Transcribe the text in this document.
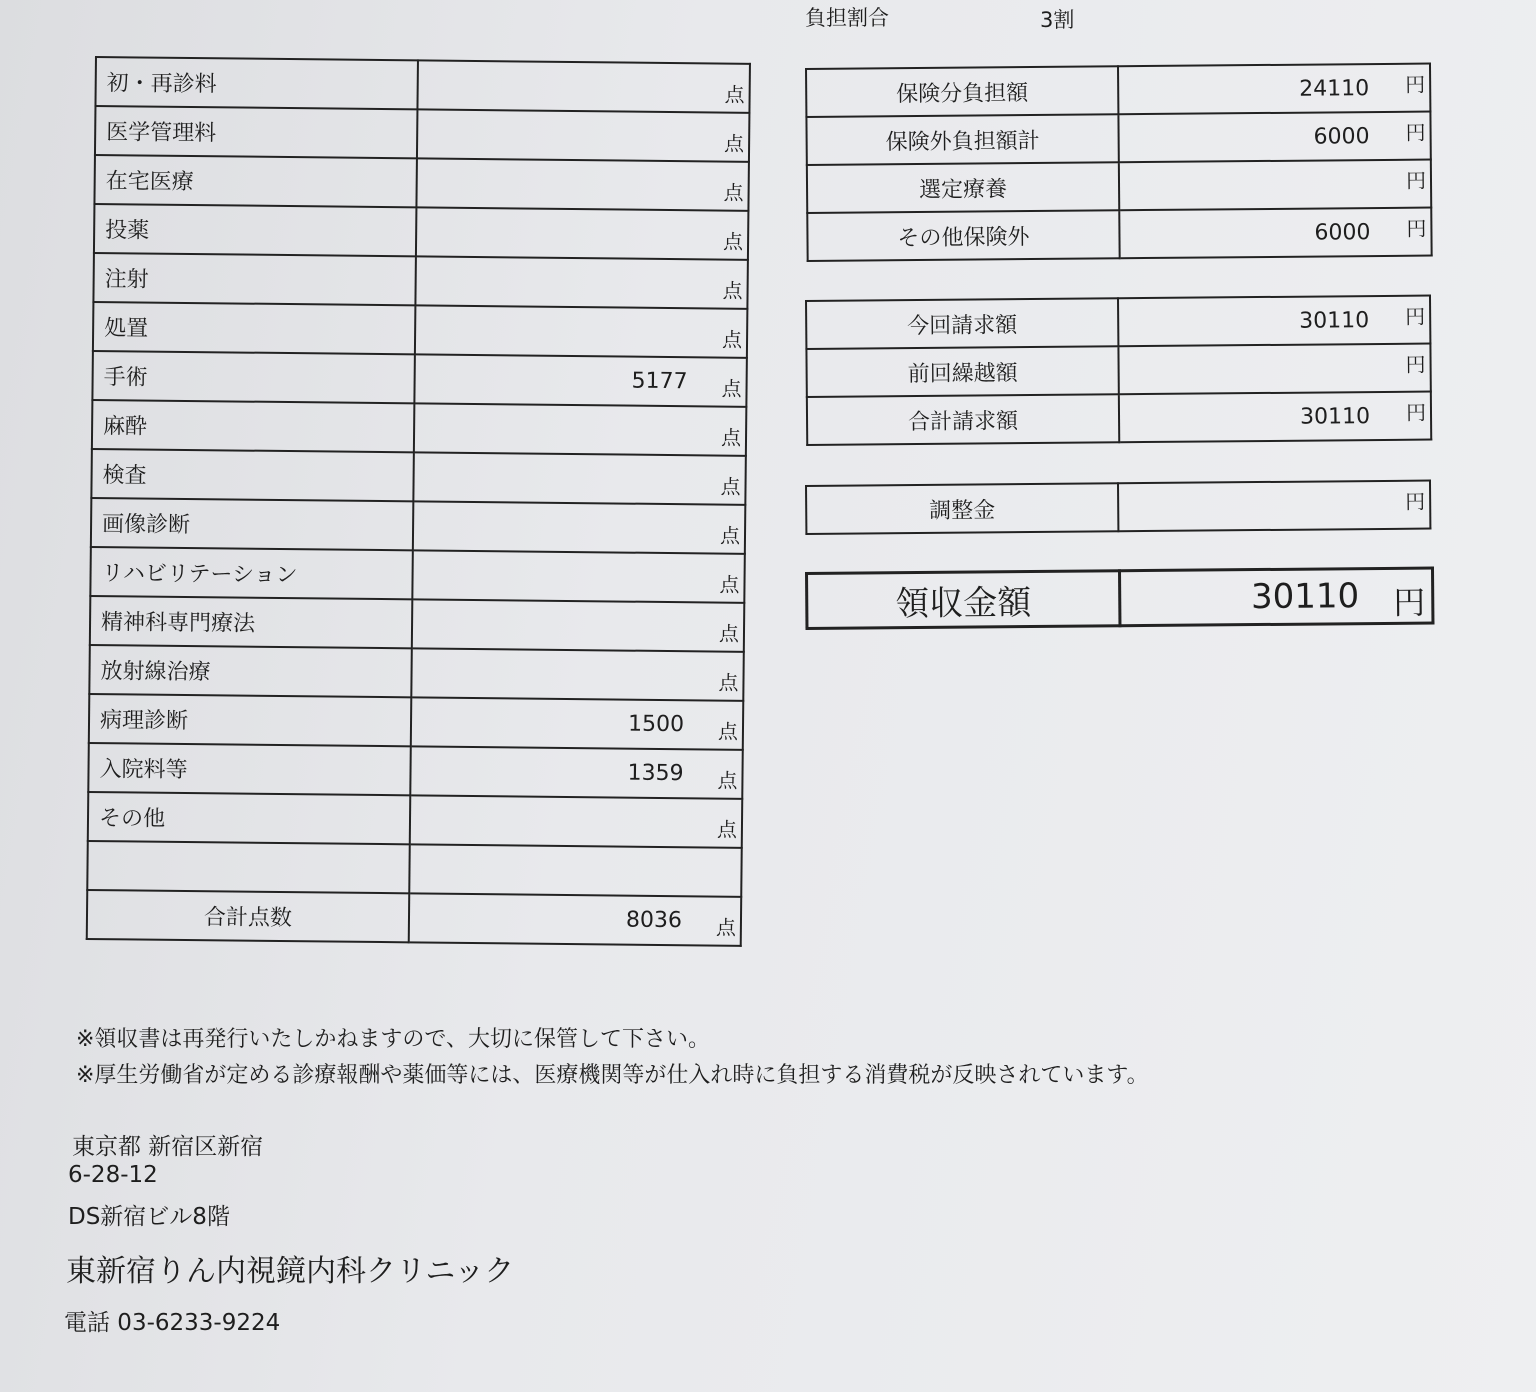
負担割合	3割
初・再診料	点

医学管理料	点

在宅医療	点

投薬	点

注射	点

処置	点

手術	5177 点

麻酔	点

検査	点

画像診断	点

リハビリテーション	点

精神科専門療法	点

放射線治療	点

病理診断	1500 点

入院料等	1359 点

その他	点

合計点数	8036 点
保険分負担額	24110 円

保険外負担額計	6000 円

選定療養	円

その他保険外	6000 円
今回請求額	30110 円

前回繰越額	円

合計請求額	30110 円
調整金	円
領収金額	30110 円
※領収書は再発行いたしかねますので、大切に保管して下さい。
※厚生労働省が定める診療報酬や薬価等には、医療機関等が仕入れ時に負担する消費税が反映されています。
東京都 新宿区新宿
6-28-12
DS新宿ビル8階
東新宿りん内視鏡内科クリニック
電話 03-6233-9224
